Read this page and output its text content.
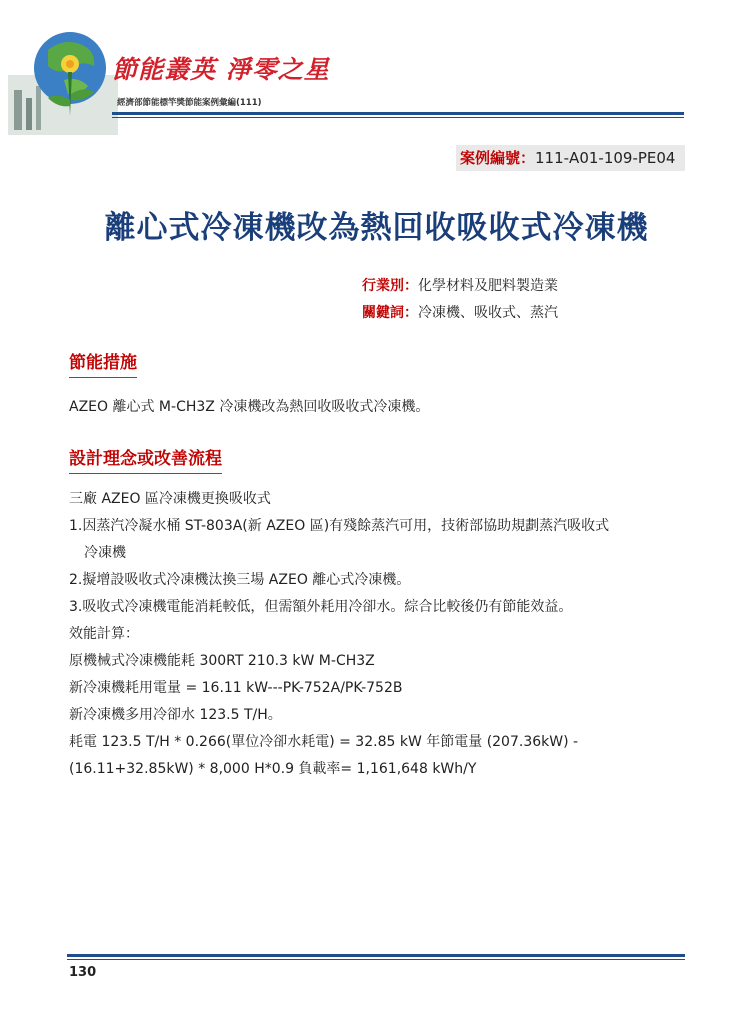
節能叢英 淨零之星
經濟部節能標竿獎節能案例彙編(111)
案例編號：111-A01-109-PE04
離心式冷凍機改為熱回收吸收式冷凍機
行業別：化學材料及肥料製造業
關鍵詞：冷凍機、吸收式、蒸汽
節能措施
AZEO 離心式 M-CH3Z 冷凍機改為熱回收吸收式冷凍機。
設計理念或改善流程
三廠 AZEO 區冷凍機更換吸收式
1.因蒸汽冷凝水桶 ST-803A(新 AZEO 區)有殘餘蒸汽可用，技術部協助規劃蒸汽吸收式
冷凍機
2.擬增設吸收式冷凍機汰換三場 AZEO 離心式冷凍機。
3.吸收式冷凍機電能消耗較低，但需額外耗用冷卻水。綜合比較後仍有節能效益。
效能計算：
原機械式冷凍機能耗 300RT 210.3 kW M-CH3Z
新冷凍機耗用電量 = 16.11 kW---PK-752A/PK-752B
新冷凍機多用冷卻水 123.5 T/H。
耗電 123.5 T/H * 0.266(單位冷卻水耗電) = 32.85 kW 年節電量 (207.36kW) -
(16.11+32.85kW) * 8,000 H*0.9 負載率= 1,161,648 kWh/Y
130
